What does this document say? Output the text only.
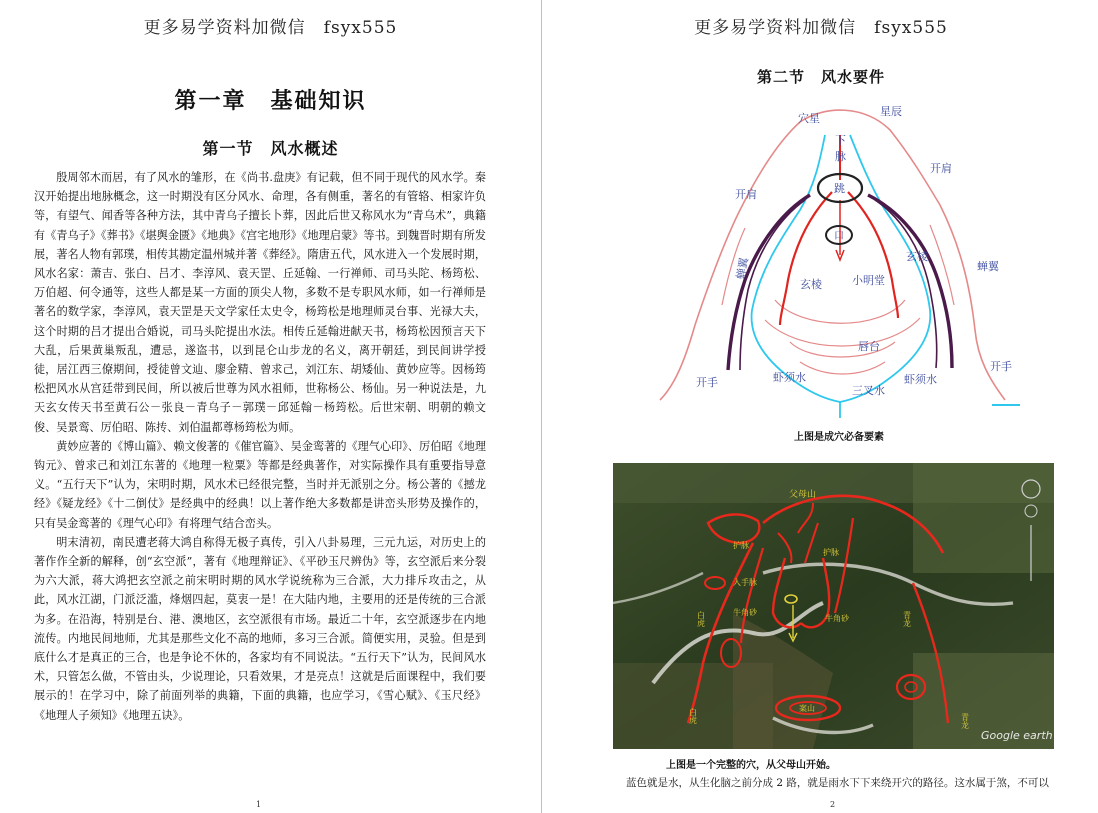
更多易学资料加微信　fsyx555
第一章　基础知识
第一节　风水概述

殷周邻木而居，有了风水的雏形，在《尚书.盘庚》有记载，但不同于现代的风水学。秦汉开始提出地脉概念，这一时期没有区分风水、命理，各有侧重，著名的有管辂、相家许负等，有望气、闻香等各种方法，其中青乌子擅长卜葬，因此后世又称风水为“青乌术”，典籍有《青乌子》《葬书》《堪舆金匮》《地典》《宫宅地形》《地理启蒙》等书。到魏晋时期有所发展，著名人物有郭璞，相传其勘定温州城并著《葬经》。隋唐五代，风水进入一个发展时期，风水名家：萧吉、张白、吕才、李淳风、袁天罡、丘延翰、一行禅师、司马头陀、杨筠松、万伯超、何令通等，这些人都是某一方面的顶尖人物，多数不是专职风水师，如一行禅师是著名的数学家，李淳风，袁天罡是天文学家任太史令，杨筠松是地理师灵台事、光禄大夫，这个时期的吕才提出合婚说，司马头陀提出水法。相传丘延翰进献天书，杨筠松因预言天下大乱，后果黄巢叛乱，遭忌，遂盗书，以到昆仑山步龙的名义，离开朝廷，到民间讲学授徒，居江西三僚期间，授徒曾文辿、廖金精、曾求己，刘江东、胡矮仙、黄妙应等。因杨筠松把风水从宫廷带到民间，所以被后世尊为风水祖师，世称杨公、杨仙。另一种说法是，九天玄女传天书至黄石公－张良－青乌子－郭璞－邱延翰－杨筠松。后世宋朝、明朝的赖文俊、吴景鸾、厉伯昭、陈抟、刘伯温都尊杨筠松为师。

黄妙应著的《博山篇》、赖文俊著的《催官篇》、吴金鸾著的《理气心印》、厉伯昭《地理钩元》、曾求己和刘江东著的《地理一粒粟》等都是经典著作，对实际操作具有重要指导意义。“五行天下”认为，宋明时期，风水术已经很完整，当时并无派别之分。杨公著的《撼龙经》《疑龙经》《十二倒仗》是经典中的经典！以上著作绝大多数都是讲峦头形势及操作的，只有吴金鸾著的《理气心印》有将理气结合峦头。

明末清初，南民遭老蒋大鸿自称得无极子真传，引入八卦易理，三元九运，对历史上的著作作全新的解释，创“玄空派”，著有《地理辩证》、《平砂玉尺辨伪》等，玄空派后来分裂为六大派，蒋大鸿把玄空派之前宋明时期的风水学说统称为三合派，大力排斥攻击之，从此，风水江湖，门派泛滥，烽烟四起，莫衷一是！在大陆内地，主要用的还是传统的三合派为多。在沿海，特别是台、港、澳地区，玄空派很有市场。最近二十年，玄空派逐步在内地流传。内地民间地师，尤其是那些文化不高的地师，多习三合派。简便实用，灵验。但是到底什么才是真正的三合，也是争论不休的，各家均有不同说法。“五行天下”认为，民间风水术，只管怎么做，不管由头，少说理论，只看效果，才是亮点！这就是后面课程中，我们要展示的！在学习中，除了前面列举的典籍，下面的典籍，也应学习，《雪心赋》、《玉尺经》《地理人子须知》《地理五诀》。

1
更多易学资料加微信　fsyx555
第二节　风水要件
穴星
星辰
下
脉
开肩
开肩
跳
口
蝉翼	蝉翼
玄棱
玄棱
小明堂
唇台
开手
开手
虾须水	虾须水
三叉水
上图是成穴必备要素
父母山
护脉
护脉
入手脉
牛角砂
牛角砂
白虎
白虎
青龙
青龙
案山
Google earth
上图是一个完整的穴，从父母山开始。
蓝色就是水，从生化脑之前分成 2 路，就是雨水下下来绕开穴的路径。这水属于煞，不可以
2
